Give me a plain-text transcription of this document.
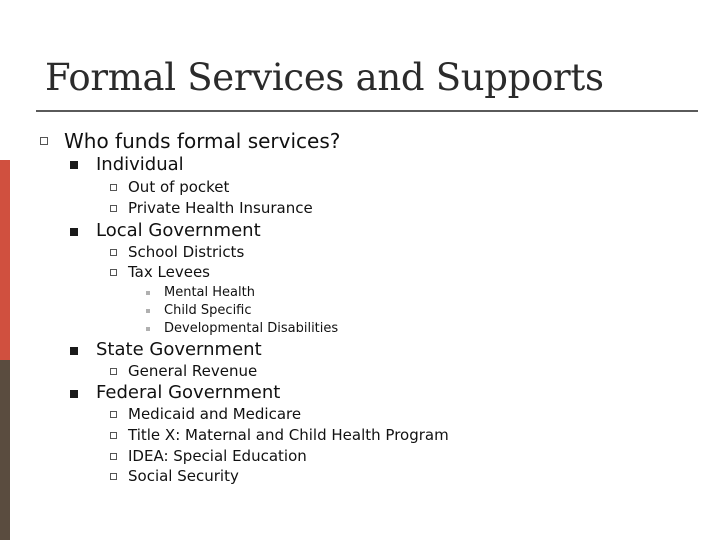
Formal Services and Supports
Who funds formal services?
Individual
Out of pocket
Private Health Insurance
Local Government
School Districts
Tax Levees
Mental Health
Child Specific
Developmental Disabilities
State Government
General Revenue
Federal Government
Medicaid and Medicare
Title X: Maternal and Child Health Program
IDEA: Special Education
Social Security
